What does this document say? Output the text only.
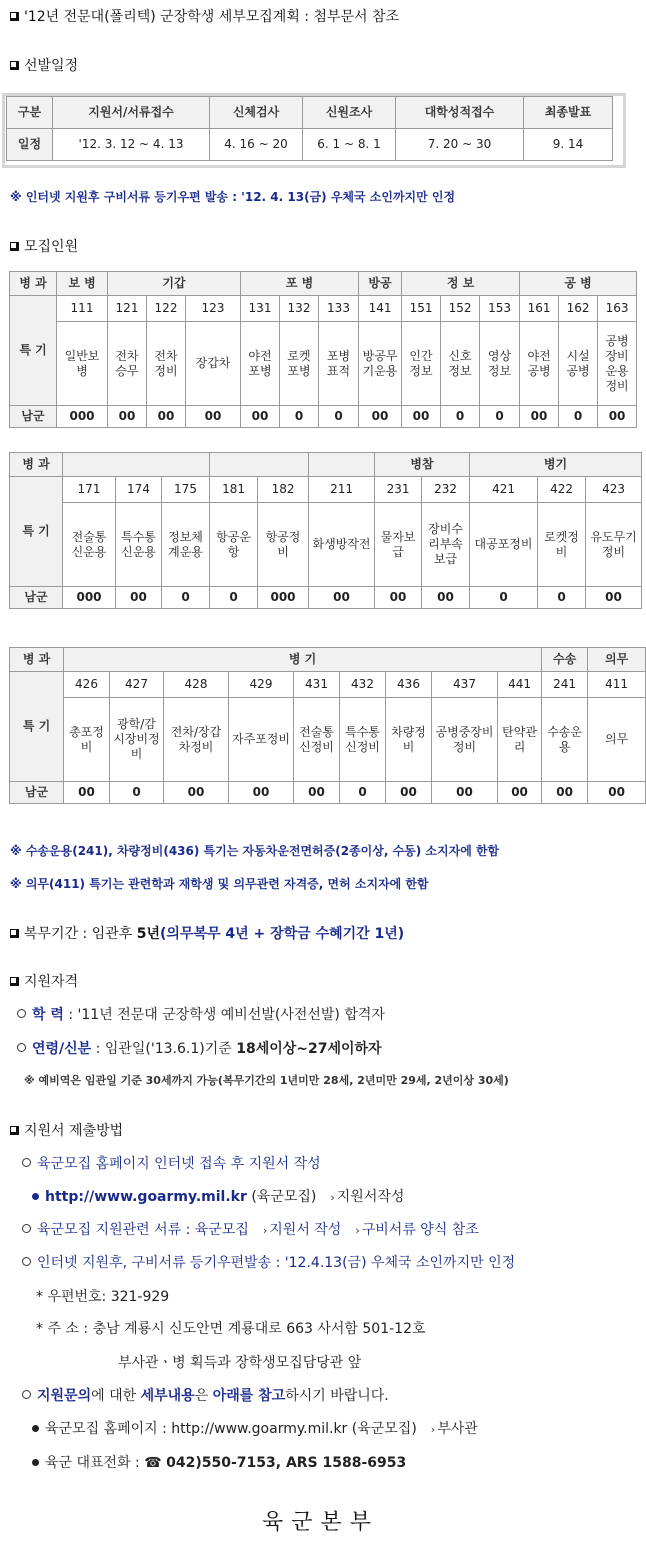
'12년 전문대(폴리텍) 군장학생 세부모집계획 : 첨부문서 참조
선발일정
구분	지원서/서류접수	신체검사	신원조사	대학성적접수	최종발표
일정	'12. 3. 12 ~ 4. 13	4. 16 ~ 20	6. 1 ~ 8. 1	7. 20 ~ 30	9. 14
※ 인터넷 지원후 구비서류 등기우편 발송 : '12. 4. 13(금) 우체국 소인까지만 인정
모집인원
병 과	보 병	기갑			포 병			방공	정 보			공 병		
특 기	111	121	122	123	131	132	133	141	151	152	153	161	162	163
	일반보병	전차승무	전차정비	장갑차	야전포병	로켓포병	포병표적	방공무기운용	인간정보	신호정보	영상정보	야전공병	시설공병	공병장비운용정비
남군	000	00	00	00	00	0	0	00	00	0	0	00	0	00
병 과							병참		병기		
특 기	171	174	175	181	182	211	231	232	421	422	423
	전술통신운용	특수통신운용	정보체계운용	항공운항	항공정비	화생방작전	물자보급	장비수리부속보급	대공포정비	로켓정비	유도무기정비
남군	000	00	0	0	000	00	00	00	0	0	00
병 과	병 기									수송	의무
특 기	426	427	428	429	431	432	436	437	441	241	411
	총포정비	광학/감시장비정비	전차/장갑차정비	자주포정비	전술통신정비	특수통신정비	차량정비	공병중장비정비	탄약관리	수송운용	의무
남군	00	0	00	00	00	0	00	00	00	00	00
※ 수송운용(241), 차량정비(436) 특기는 자동차운전면허증(2종이상, 수동) 소지자에 한함
※ 의무(411) 특기는 관련학과 재학생 및 의무관련 자격증, 면허 소지자에 한함
복무기간 : 임관후 5년(의무복무 4년 + 장학금 수혜기간 1년)
지원자격
학 력 : '11년 전문대 군장학생 예비선발(사전선발) 합격자
연령/신분 : 임관일('13.6.1)기준 18세이상~27세이하자
※ 예비역은 임관일 기준 30세까지 가능(복무기간의 1년미만 28세, 2년미만 29세, 2년이상 30세)
지원서 제출방법
육군모집 홈페이지 인터넷 접속 후 지원서 작성
http://www.goarmy.mil.kr (육군모집) › 지원서작성
육군모집 지원관련 서류 : 육군모집 › 지원서 작성 › 구비서류 양식 참조
인터넷 지원후, 구비서류 등기우편발송 : '12.4.13(금) 우체국 소인까지만 인정
* 우편번호: 321-929
* 주 소 : 충남 계룡시 신도안면 계룡대로 663 사서함 501-12호
부사관ㆍ병 획득과 장학생모집담당관 앞
지원문의에 대한 세부내용은 아래를 참고하시기 바랍니다.
육군모집 홈페이지 : http://www.goarmy.mil.kr (육군모집) › 부사관
육군 대표전화 : ☎ 042)550-7153, ARS 1588-6953
육군본부
